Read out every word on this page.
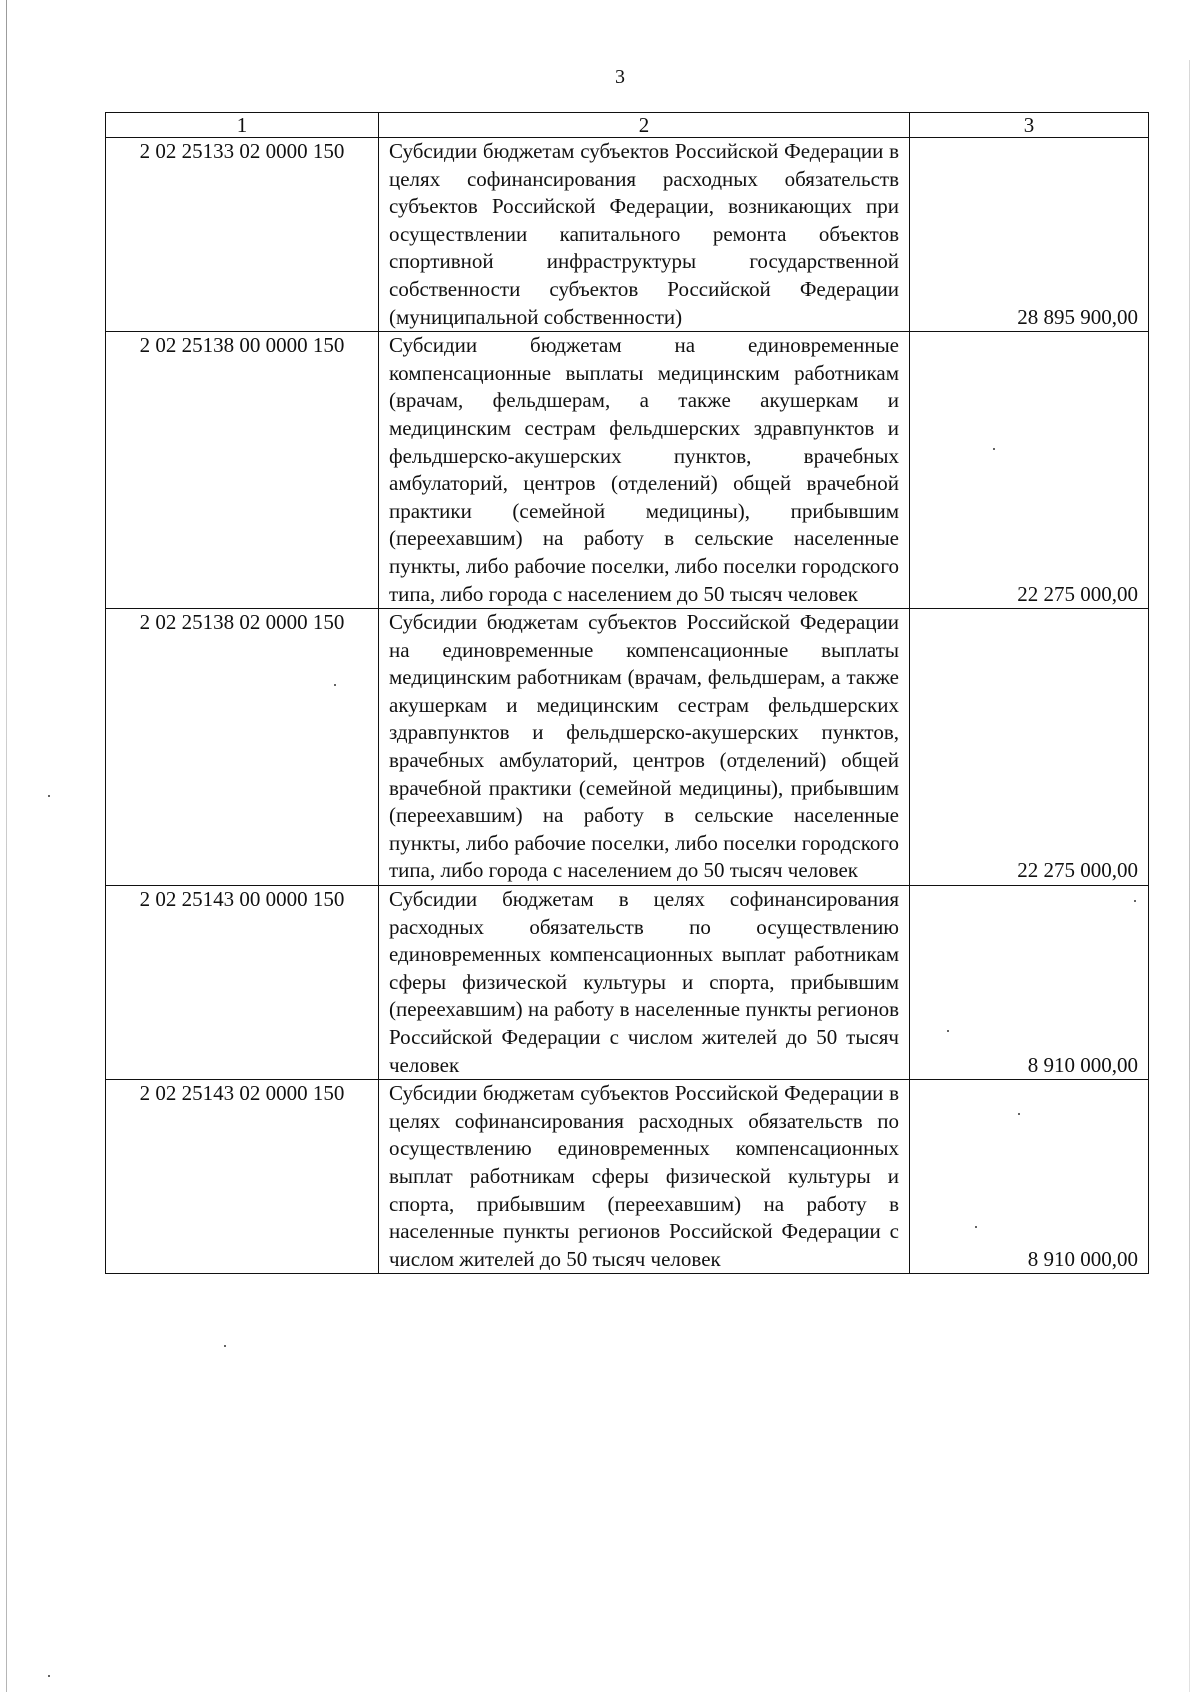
3
1	2	3
2 02 25133 02 0000 150	Субсидии бюджетам субъектов Российской Федерации в целях софинансирования расходных обязательств субъектов Российской Федерации, возникающих при осуществлении капитального ремонта объектов спортивной инфраструктуры государственной собственности субъектов Российской Федерации (муниципальной собственности)	28 895 900,00
2 02 25138 00 0000 150	Субсидии бюджетам на единовременные компенсационные выплаты медицинским работникам (врачам, фельдшерам, а также акушеркам и медицинским сестрам фельдшерских здравпунктов и фельдшерско-акушерских пунктов, врачебных амбулаторий, центров (отделений) общей врачебной практики (семейной медицины), прибывшим (переехавшим) на работу в сельские населенные пункты, либо рабочие поселки, либо поселки городского типа, либо города с населением до 50 тысяч человек	22 275 000,00
2 02 25138 02 0000 150	Субсидии бюджетам субъектов Российской Федерации на единовременные компенсационные выплаты медицинским работникам (врачам, фельдшерам, а также акушеркам и медицинским сестрам фельдшерских здравпунктов и фельдшерско-акушерских пунктов, врачебных амбулаторий, центров (отделений) общей врачебной практики (семейной медицины), прибывшим (переехавшим) на работу в сельские населенные пункты, либо рабочие поселки, либо поселки городского типа, либо города с населением до 50 тысяч человек	22 275 000,00
2 02 25143 00 0000 150	Субсидии бюджетам в целях софинансирования расходных обязательств по осуществлению единовременных компенсационных выплат работникам сферы физической культуры и спорта, прибывшим (переехавшим) на работу в населенные пункты регионов Российской Федерации с числом жителей до 50 тысяч человек	8 910 000,00
2 02 25143 02 0000 150	Субсидии бюджетам субъектов Российской Федерации в целях софинансирования расходных обязательств по осуществлению единовременных компенсационных выплат работникам сферы физической культуры и спорта, прибывшим (переехавшим) на работу в населенные пункты регионов Российской Федерации с числом жителей до 50 тысяч человек	8 910 000,00
